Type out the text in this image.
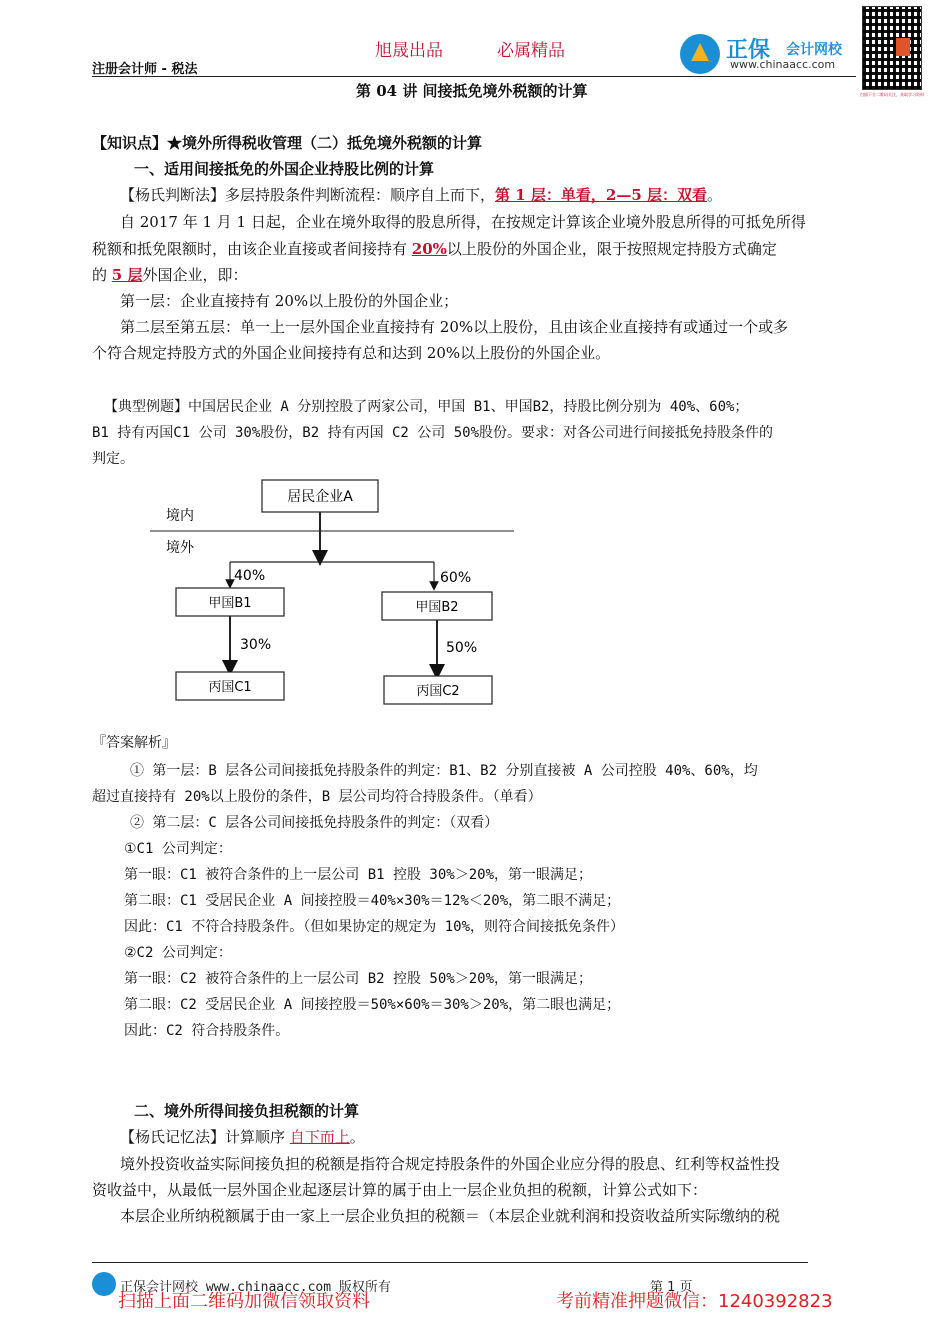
注册会计师 - 税法
旭晟出品	必属精品	正保 会计网校
www.chinaacc.com
扫描下方二维码关注，获取学习资料
第 04 讲 间接抵免境外税额的计算
【知识点】★境外所得税收管理（二）抵免境外税额的计算
一、适用间接抵免的外国企业持股比例的计算
【杨氏判断法】多层持股条件判断流程：顺序自上而下，第 1 层：单看，2—5 层：双看。
自 2017 年 1 月 1 日起，企业在境外取得的股息所得，在按规定计算该企业境外股息所得的可抵免所得
税额和抵免限额时，由该企业直接或者间接持有 20%以上股份的外国企业，限于按照规定持股方式确定
的 5 层外国企业，即：
第一层：企业直接持有 20%以上股份的外国企业；
第二层至第五层：单一上一层外国企业直接持有 20%以上股份，且由该企业直接持有或通过一个或多
个符合规定持股方式的外国企业间接持有总和达到 20%以上股份的外国企业。
【典型例题】中国居民企业 A 分别控股了两家公司，甲国 B1、甲国B2，持股比例分别为 40%、60%；
B1 持有丙国C1 公司 30%股份，B2 持有丙国 C2 公司 50%股份。要求：对各公司进行间接抵免持股条件的
判定。
居民企业A
境内
境外
40%	60%
甲国B1	甲国B2
30%	50%
丙国C1	丙国C2
『答案解析』
① 第一层：B 层各公司间接抵免持股条件的判定：B1、B2 分别直接被 A 公司控股 40%、60%，均
超过直接持有 20%以上股份的条件，B 层公司均符合持股条件。（单看）
② 第二层：C 层各公司间接抵免持股条件的判定：（双看）
①C1 公司判定：
第一眼：C1 被符合条件的上一层公司 B1 控股 30%＞20%，第一眼满足；
第二眼：C1 受居民企业 A 间接控股＝40%×30%＝12%＜20%，第二眼不满足；
因此：C1 不符合持股条件。（但如果协定的规定为 10%，则符合间接抵免条件）
②C2 公司判定：
第一眼：C2 被符合条件的上一层公司 B2 控股 50%＞20%，第一眼满足；
第二眼：C2 受居民企业 A 间接控股＝50%×60%＝30%＞20%，第二眼也满足；
因此：C2 符合持股条件。
二、境外所得间接负担税额的计算
【杨氏记忆法】计算顺序 自下而上。
境外投资收益实际间接负担的税额是指符合规定持股条件的外国企业应分得的股息、红利等权益性投
资收益中，从最低一层外国企业起逐层计算的属于由上一层企业负担的税额，计算公式如下：
本层企业所纳税额属于由一家上一层企业负担的税额＝（本层企业就利润和投资收益所实际缴纳的税
正保会计网校 www.chinaacc.com 版权所有	第 1 页
扫描上面二维码加微信领取资料	考前精准押题微信：1240392823
